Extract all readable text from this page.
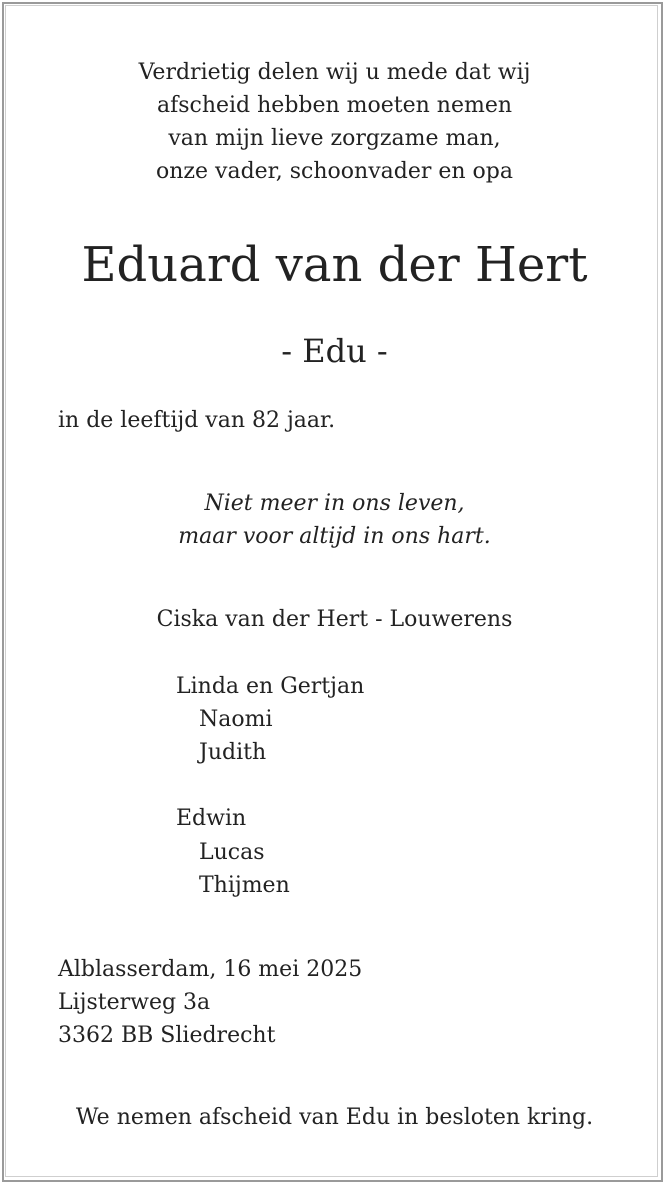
Verdrietig delen wij u mede dat wij
afscheid hebben moeten nemen
van mijn lieve zorgzame man,
onze vader, schoonvader en opa
Eduard van der Hert
- Edu -
in de leeftijd van 82 jaar.
Niet meer in ons leven,
maar voor altijd in ons hart.
Ciska van der Hert - Louwerens
Linda en Gertjan
Naomi
Judith
Edwin
Lucas
Thijmen
Alblasserdam, 16 mei 2025
Lijsterweg 3a
3362 BB Sliedrecht
We nemen afscheid van Edu in besloten kring.
